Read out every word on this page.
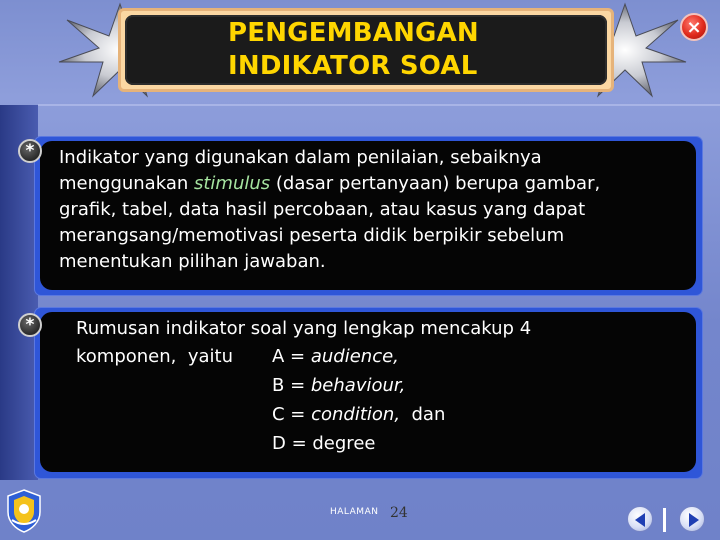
PENGEMBANGAN
INDIKATOR SOAL
×
* Indikator yang digunakan dalam penilaian, sebaiknya
menggunakan stimulus (dasar pertanyaan) berupa gambar,
grafik, tabel, data hasil percobaan, atau kasus yang dapat
merangsang/memotivasi peserta didik berpikir sebelum
menentukan pilihan jawaban.
* Rumusan indikator soal yang lengkap mencakup 4
komponen,  yaitu A = audience,
B = behaviour,
C = condition,  dan
D = degree
HALAMAN 24
